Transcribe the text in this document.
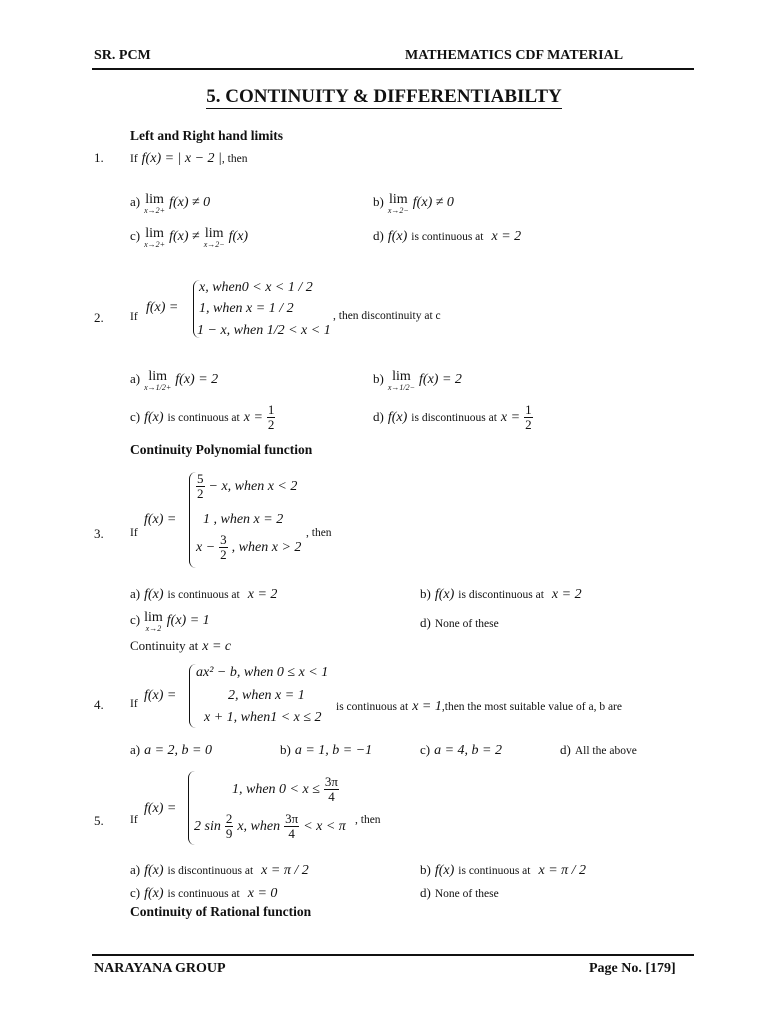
SR. PCM	MATHEMATICS CDF MATERIAL
5. CONTINUITY & DIFFERENTIABILTY
Left and Right hand limits
1. If f(x) = | x − 2 |, then
a) lim
x→2+
f(x) ≠ 0	b) lim
x→2−
f(x) ≠ 0
c) lim
x→2+
f(x) ≠ lim
x→2−
f(x)	d) f(x) is continuous at x = 2
2. If
f(x) =
x, when0 < x < 1 / 2
1, when x = 1 / 2
1 − x, when 1/2 < x < 1
, then discontinuity at c
a) lim
x→1/2+
f(x) = 2	b) lim
x→1/2−
f(x) = 2
c) f(x) is continuous at $x = \frac{1}{2}$	d) f(x) is discontinuous at $x = \frac{1}{2}$
Continuity Polynomial function
3. If
f(x) =
$\frac{5}{2} - x$, when x < 2
1 , when x = 2
$x - \frac{3}{2}$ , when x > 2
, then
a) f(x) is continuous at x = 2	b) f(x) is discontinuous at x = 2
c) lim
x→2
f(x) = 1	d) None of these
Continuity at x = c
4. If
f(x) =
ax² − b, when 0 ≤ x < 1
2, when x = 1
x + 1, when1 < x ≤ 2
is continuous at x = 1,then the most suitable value of a, b are
a) a = 2, b = 0	b) a = 1, b = −1	c) a = 4, b = 2	d) All the above
5. If
f(x) =
1, when $0 < x \le \frac{3\pi}{4}$
2 $\sin \frac{2}{9} x$, when $\frac{3\pi}{4} < x < \pi$ , then
a) f(x) is discontinuous at x = π / 2	b) f(x) is continuous at x = π / 2
c) f(x) is continuous at x = 0	d) None of these
Continuity of Rational function
NARAYANA GROUP	Page No. [179]
